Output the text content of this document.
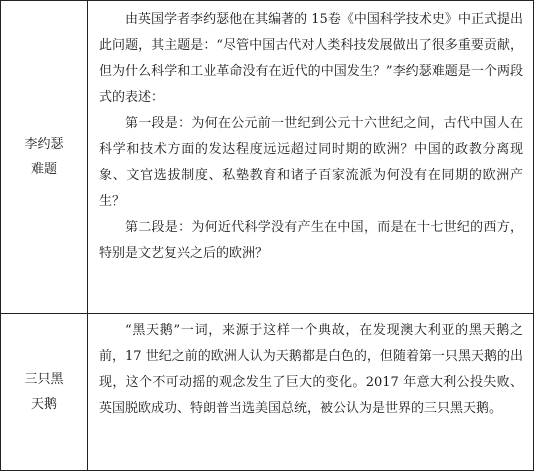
李约瑟难题

由英国学者李约瑟他在其编著的 15卷《中国科学技术史》中正式提出此问题，其主题是：“尽管中国古代对人类科技发展做出了很多重要贡献，但为什么科学和工业革命没有在近代的中国发生？”李约瑟难题是一个两段式的表述：

第一段是：为何在公元前一世纪到公元十六世纪之间，古代中国人在科学和技术方面的发达程度远远超过同时期的欧洲？中国的政教分离现象、文官选拔制度、私塾教育和诸子百家流派为何没有在同期的欧洲产生？

第二段是：为何近代科学没有产生在中国，而是在十七世纪的西方，特别是文艺复兴之后的欧洲？

三只黑天鹅

“黑天鹅”一词，来源于这样一个典故，在发现澳大利亚的黑天鹅之前，17 世纪之前的欧洲人认为天鹅都是白色的，但随着第一只黑天鹅的出现，这个不可动摇的观念发生了巨大的变化。2017 年意大利公投失败、英国脱欧成功、特朗普当选美国总统，被公认为是世界的三只黑天鹅。
